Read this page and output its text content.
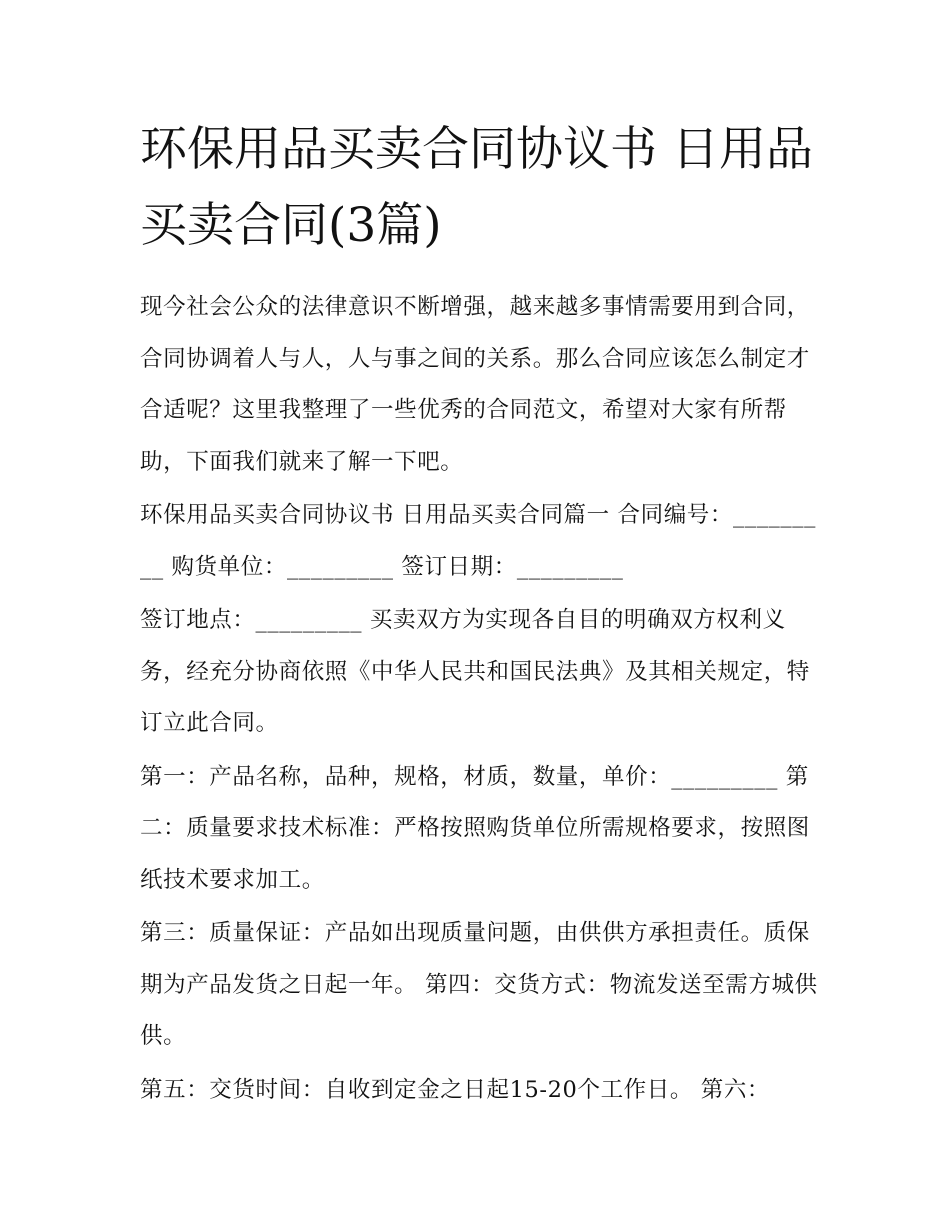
环保用品买卖合同协议书 日用品买卖合同(3篇)

现今社会公众的法律意识不断增强，越来越多事情需要用到合同，合同协调着人与人，人与事之间的关系。那么合同应该怎么制定才合适呢？这里我整理了一些优秀的合同范文，希望对大家有所帮助，下面我们就来了解一下吧。

环保用品买卖合同协议书 日用品买卖合同篇一 合同编号：_________ 购货单位：_________ 签订日期：_________

签订地点：_________ 买卖双方为实现各自目的明确双方权利义务，经充分协商依照《中华人民共和国民法典》及其相关规定，特订立此合同。

第一：产品名称，品种，规格，材质，数量，单价：_________ 第二：质量要求技术标准：严格按照购货单位所需规格要求，按照图纸技术要求加工。

第三：质量保证：产品如出现质量问题，由供供方承担责任。质保期为产品发货之日起一年。 第四：交货方式：物流发送至需方城供供。

第五：交货时间：自收到定金之日起15-20个工作日。 第六：
